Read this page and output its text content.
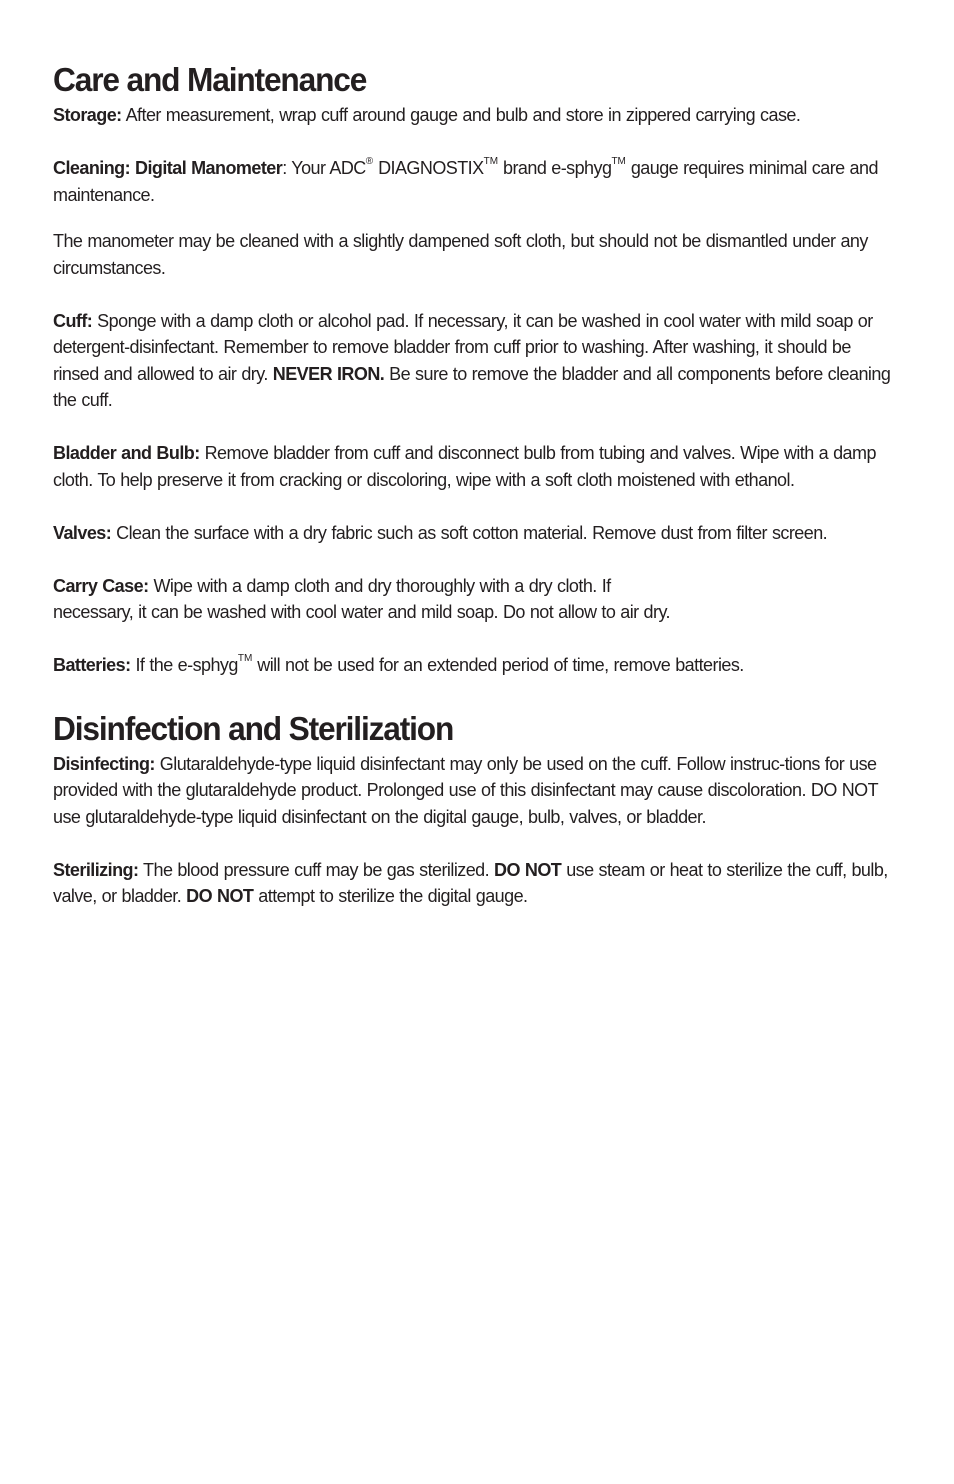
Care and Maintenance

Storage: After measurement, wrap cuff around gauge and bulb and store in zippered carrying case.

Cleaning: Digital Manometer: Your ADC® DIAGNOSTIX™ brand e-sphyg™ gauge requires minimal care and maintenance.

The manometer may be cleaned with a slightly dampened soft cloth, but should not be dismantled under any circumstances.

Cuff: Sponge with a damp cloth or alcohol pad. If necessary, it can be washed in cool water with mild soap or detergent-disinfectant. Remember to remove bladder from cuff prior to washing. After washing, it should be rinsed and allowed to air dry. NEVER IRON. Be sure to remove the bladder and all components before cleaning the cuff.

Bladder and Bulb: Remove bladder from cuff and disconnect bulb from tubing and valves. Wipe with a damp cloth. To help preserve it from cracking or discoloring, wipe with a soft cloth moistened with ethanol.

Valves: Clean the surface with a dry fabric such as soft cotton material. Remove dust from filter screen.

Carry Case: Wipe with a damp cloth and dry thoroughly with a dry cloth. If
necessary, it can be washed with cool water and mild soap. Do not allow to air dry.

Batteries: If the e-sphyg™ will not be used for an extended period of time, remove batteries.

Disinfection and Sterilization

Disinfecting: Glutaraldehyde-type liquid disinfectant may only be used on the cuff. Follow instruc-tions for use provided with the glutaraldehyde product. Prolonged use of this disinfectant may cause discoloration. DO NOT use glutaraldehyde-type liquid disinfectant on the digital gauge, bulb, valves, or bladder.

Sterilizing: The blood pressure cuff may be gas sterilized. DO NOT use steam or heat to sterilize the cuff, bulb, valve, or bladder. DO NOT attempt to sterilize the digital gauge.
